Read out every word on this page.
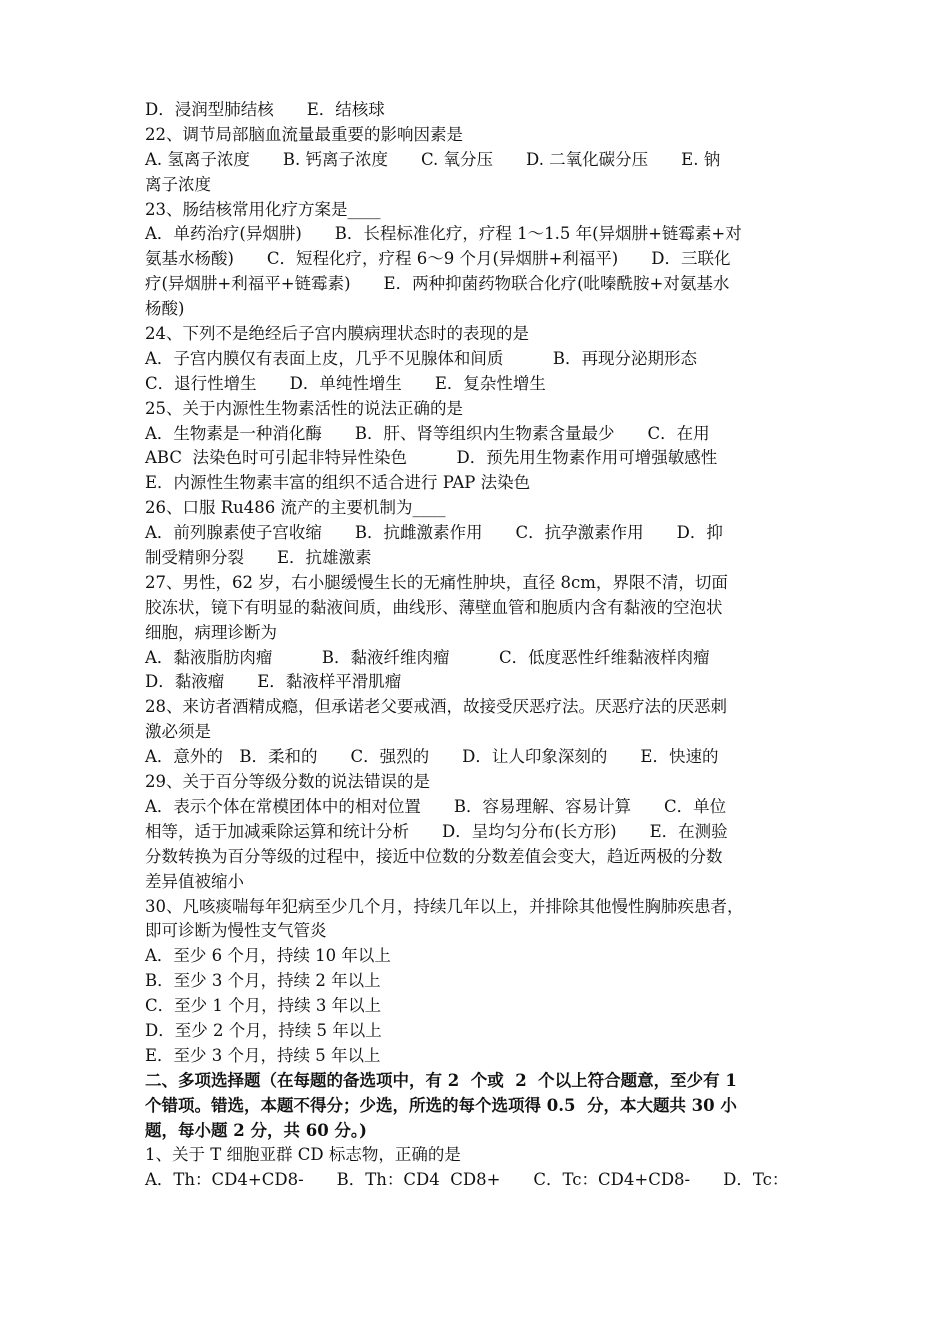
D．浸润型肺结核　　E．结核球
22、调节局部脑血流量最重要的影响因素是
A. 氢离子浓度　　B. 钙离子浓度　　C. 氧分压　　D. 二氧化碳分压　　E. 钠
离子浓度
23、肠结核常用化疗方案是____
A．单药治疗(异烟肼)　　B．长程标准化疗，疗程 1～1.5 年(异烟肼+链霉素+对
氨基水杨酸)　　C．短程化疗，疗程 6～9 个月(异烟肼+利福平)　　D．三联化
疗(异烟肼+利福平+链霉素)　　E．两种抑菌药物联合化疗(吡嗪酰胺+对氨基水
杨酸)
24、下列不是绝经后子宫内膜病理状态时的表现的是
A．子宫内膜仅有表面上皮，几乎不见腺体和间质　　　B．再现分泌期形态
C．退行性增生　　D．单纯性增生　　E．复杂性增生
25、关于内源性生物素活性的说法正确的是
A．生物素是一种消化酶　　B．肝、肾等组织内生物素含量最少　　C．在用
ABC  法染色时可引起非特异性染色　　　D．预先用生物素作用可增强敏感性
E．内源性生物素丰富的组织不适合进行 PAP 法染色
26、口服 Ru486 流产的主要机制为____
A．前列腺素使子宫收缩　　B．抗雌激素作用　　C．抗孕激素作用　　D．抑
制受精卵分裂　　E．抗雄激素
27、男性，62 岁，右小腿缓慢生长的无痛性肿块，直径 8cm，界限不清，切面
胶冻状，镜下有明显的黏液间质，曲线形、薄壁血管和胞质内含有黏液的空泡状
细胞，病理诊断为
A．黏液脂肪肉瘤　　　B．黏液纤维肉瘤　　　C．低度恶性纤维黏液样肉瘤
D．黏液瘤　　E．黏液样平滑肌瘤
28、来访者酒精成瘾，但承诺老父要戒酒，故接受厌恶疗法。厌恶疗法的厌恶刺
激必须是
A．意外的　B．柔和的　　C．强烈的　　D．让人印象深刻的　　E．快速的
29、关于百分等级分数的说法错误的是
A．表示个体在常模团体中的相对位置　　B．容易理解、容易计算　　C．单位
相等，适于加减乘除运算和统计分析　　D．呈均匀分布(长方形)　　E．在测验
分数转换为百分等级的过程中，接近中位数的分数差值会变大，趋近两极的分数
差异值被缩小
30、凡咳痰喘每年犯病至少几个月，持续几年以上，并排除其他慢性胸肺疾患者，
即可诊断为慢性支气管炎
A．至少 6 个月，持续 10 年以上
B．至少 3 个月，持续 2 年以上
C．至少 1 个月，持续 3 年以上
D．至少 2 个月，持续 5 年以上
E．至少 3 个月，持续 5 年以上
二、多项选择题（在每题的备选项中，有 2  个或  2  个以上符合题意，至少有 1
个错项。错选，本题不得分；少选，所选的每个选项得 0.5  分，本大题共 30 小
题，每小题 2 分，共 60 分。)
1、关于 T 细胞亚群 CD 标志物，正确的是
A．Th：CD4+CD8-　　B．Th：CD4  CD8+　　C．Tc：CD4+CD8-　　D．Tc：
